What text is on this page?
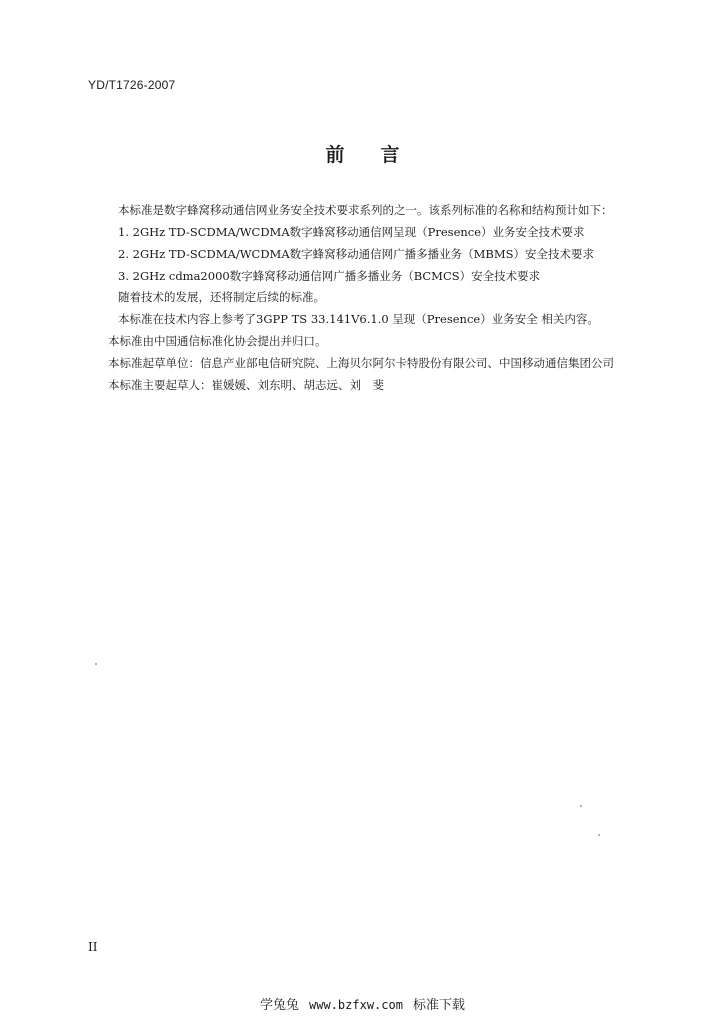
YD/T1726-2007
前 言
本标准是数字蜂窝移动通信网业务安全技术要求系列的之一。该系列标准的名称和结构预计如下：
1. 2GHz TD-SCDMA/WCDMA数字蜂窝移动通信网呈现（Presence）业务安全技术要求
2. 2GHz TD-SCDMA/WCDMA数字蜂窝移动通信网广播多播业务（MBMS）安全技术要求
3. 2GHz cdma2000数字蜂窝移动通信网广播多播业务（BCMCS）安全技术要求
随着技术的发展，还将制定后续的标准。
本标准在技术内容上参考了3GPP TS 33.141V6.1.0 呈现（Presence）业务安全 相关内容。
本标准由中国通信标准化协会提出并归口。
本标准起草单位：信息产业部电信研究院、上海贝尔阿尔卡特股份有限公司、中国移动通信集团公司
本标准主要起草人：崔媛媛、刘东明、胡志远、刘　斐
II
学兔兔 www.bzfxw.com 标准下载
